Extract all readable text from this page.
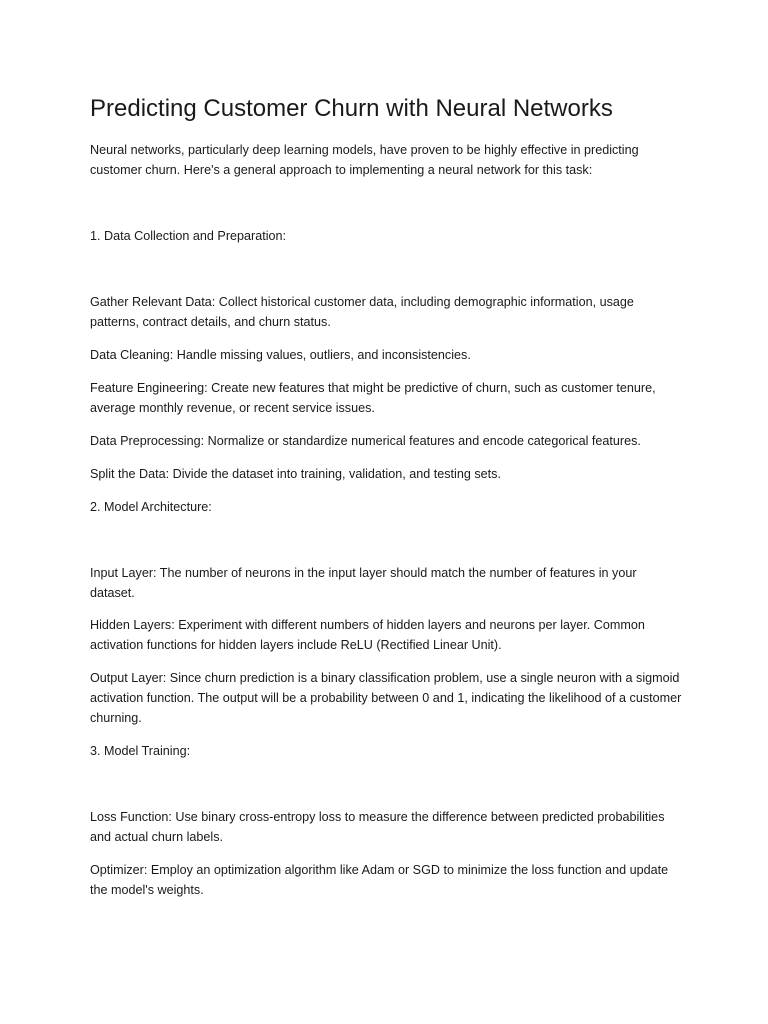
Predicting Customer Churn with Neural Networks

Neural networks, particularly deep learning models, have proven to be highly effective in predicting customer churn. Here's a general approach to implementing a neural network for this task:

1. Data Collection and Preparation:

Gather Relevant Data: Collect historical customer data, including demographic information, usage patterns, contract details, and churn status.

Data Cleaning: Handle missing values, outliers, and inconsistencies.

Feature Engineering: Create new features that might be predictive of churn, such as customer tenure, average monthly revenue, or recent service issues.

Data Preprocessing: Normalize or standardize numerical features and encode categorical features.

Split the Data: Divide the dataset into training, validation, and testing sets.

2. Model Architecture:

Input Layer: The number of neurons in the input layer should match the number of features in your dataset.

Hidden Layers: Experiment with different numbers of hidden layers and neurons per layer. Common activation functions for hidden layers include ReLU (Rectified Linear Unit).

Output Layer: Since churn prediction is a binary classification problem, use a single neuron with a sigmoid activation function. The output will be a probability between 0 and 1, indicating the likelihood of a customer churning.

3. Model Training:

Loss Function: Use binary cross-entropy loss to measure the difference between predicted probabilities and actual churn labels.

Optimizer: Employ an optimization algorithm like Adam or SGD to minimize the loss function and update the model's weights.
